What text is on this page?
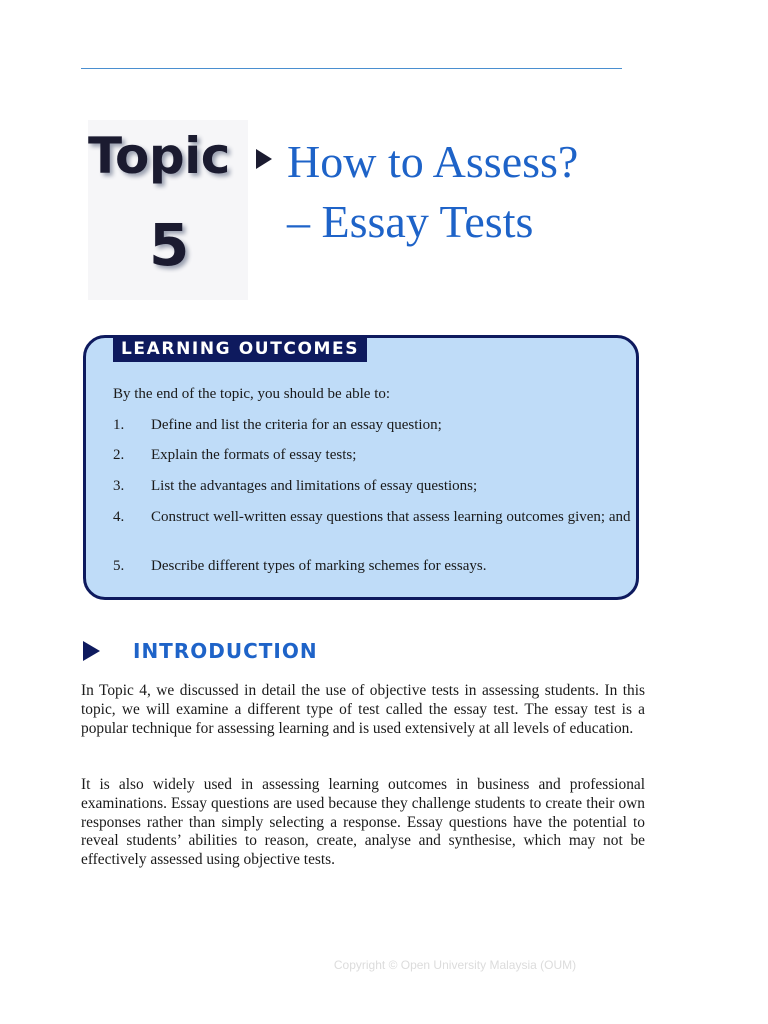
Topic
5
How to Assess?
– Essay Tests
LEARNING OUTCOMES
By the end of the topic, you should be able to:
1.	Define and list the criteria for an essay question;
2.	Explain the formats of essay tests;
3.	List the advantages and limitations of essay questions;
4.	Construct well-written essay questions that assess learning outcomes given; and
5.	Describe different types of marking schemes for essays.
INTRODUCTION

In Topic 4, we discussed in detail the use of objective tests in assessing students. In this topic, we will examine a different type of test called the essay test. The essay test is a popular technique for assessing learning and is used extensively at all levels of education.

It is also widely used in assessing learning outcomes in business and professional examinations. Essay questions are used because they challenge students to create their own responses rather than simply selecting a response. Essay questions have the potential to reveal students’ abilities to reason, create, analyse and synthesise, which may not be effectively assessed using objective tests.

Copyright © Open University Malaysia (OUM)
